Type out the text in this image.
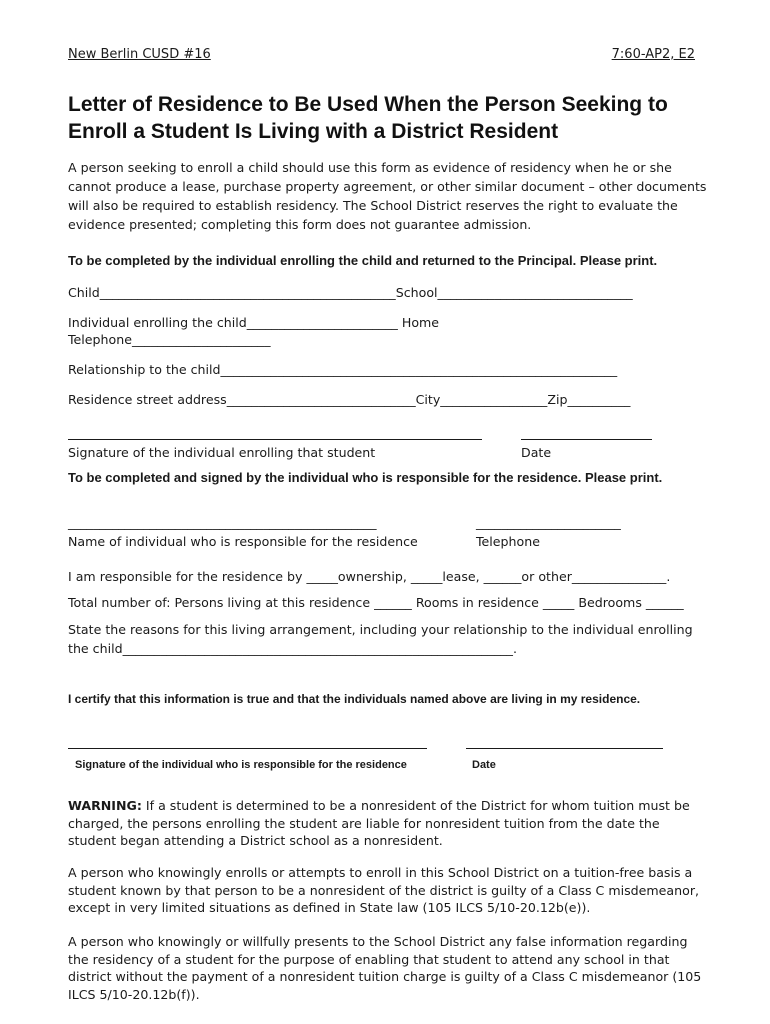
New Berlin CUSD #16	7:60-AP2, E2
Letter of Residence to Be Used When the Person Seeking to Enroll a Student Is Living with a District Resident
A person seeking to enroll a child should use this form as evidence of residency when he or she cannot produce a lease, purchase property agreement, or other similar document – other documents will also be required to establish residency. The School District reserves the right to evaluate the evidence presented; completing this form does not guarantee admission.
To be completed by the individual enrolling the child and returned to the Principal. Please print.
Child_______________________________________________School_______________________________
Individual enrolling the child________________________ Home
Telephone______________________
Relationship to the child_______________________________________________________________
Residence street address______________________________City_________________Zip__________
Signature of the individual enrolling that student	Date
To be completed and signed by the individual who is responsible for the residence. Please print.
_________________________________________________	_______________________
Name of individual who is responsible for the residence	Telephone
I am responsible for the residence by _____ownership, _____lease, ______or other_______________.
Total number of: Persons living at this residence ______ Rooms in residence _____ Bedrooms ______
State the reasons for this living arrangement, including your relationship to the individual enrolling the child______________________________________________________________.
I certify that this information is true and that the individuals named above are living in my residence.
Signature of the individual who is responsible for the residence	Date
WARNING: If a student is determined to be a nonresident of the District for whom tuition must be charged, the persons enrolling the student are liable for nonresident tuition from the date the student began attending a District school as a nonresident.
A person who knowingly enrolls or attempts to enroll in this School District on a tuition-free basis a student known by that person to be a nonresident of the district is guilty of a Class C misdemeanor, except in very limited situations as defined in State law (105 ILCS 5/10-20.12b(e)).
A person who knowingly or willfully presents to the School District any false information regarding the residency of a student for the purpose of enabling that student to attend any school in that district without the payment of a nonresident tuition charge is guilty of a Class C misdemeanor (105 ILCS 5/10-20.12b(f)).
